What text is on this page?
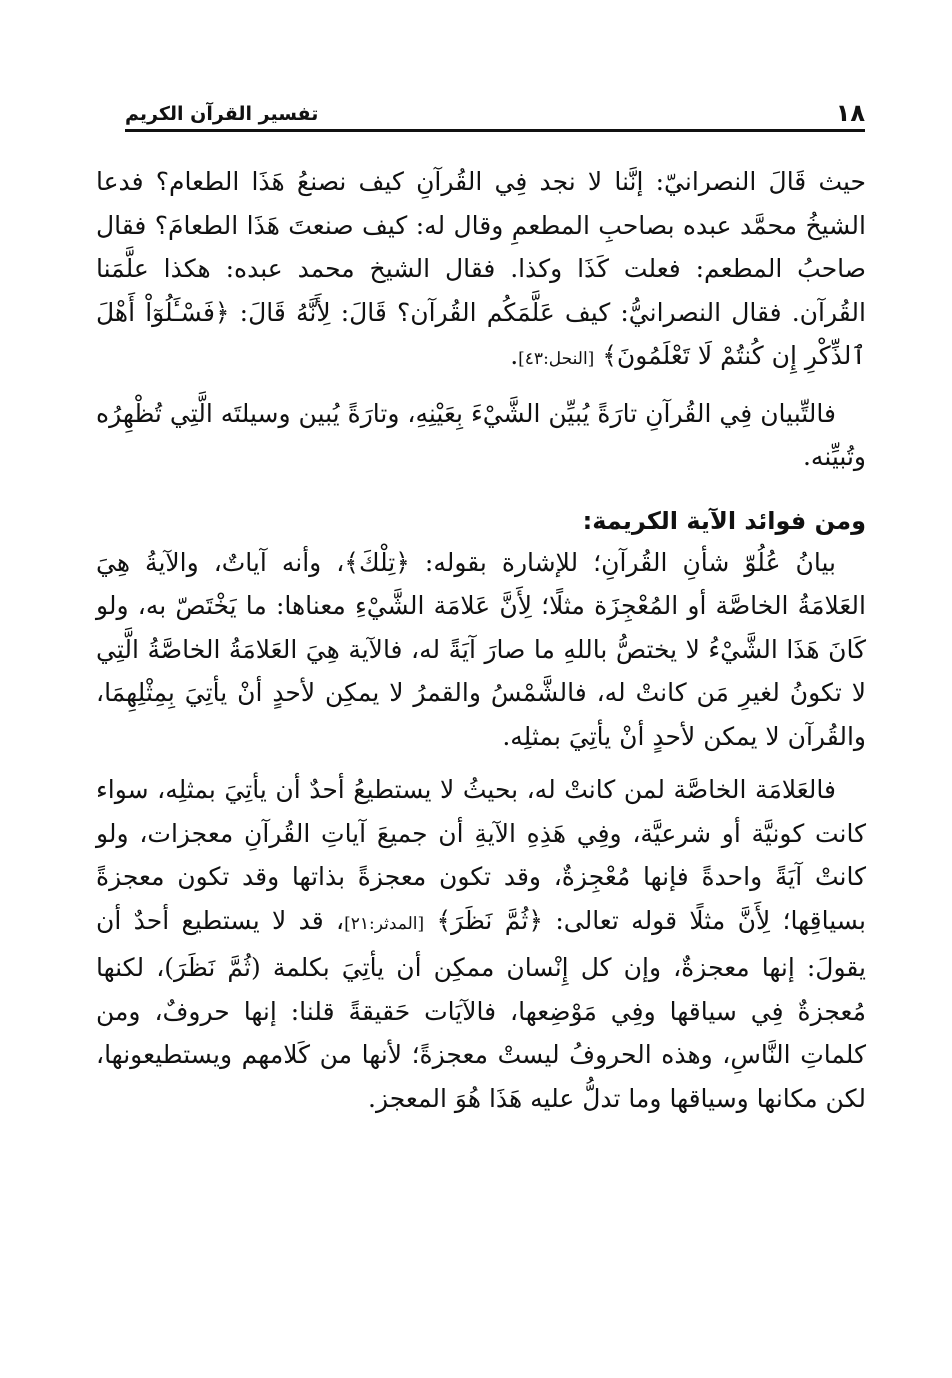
١٨
تفسير القرآن الكريم

حيث قَالَ النصرانيّ: إنَّنا لا نجد فِي القُرآنِ كيف نصنعُ هَذَا الطعام؟ فدعا الشيخُ محمَّد عبده بصاحبِ المطعمِ وقال له: كيف صنعتَ هَذَا الطعامَ؟ فقال صاحبُ المطعم: فعلت كَذَا وكذا. فقال الشيخ محمد عبده: هكذا علَّمَنا القُرآن. فقال النصرانيُّ: كيف عَلَّمَكُم القُرآن؟ قَالَ: لِأَنَّهُ قَالَ: ﴿فَسْـَٔلُوٓاْ أَهْلَ ٱلذِّكْرِ إِن كُنتُمْ لَا تَعْلَمُونَ﴾ [النحل:٤٣].

فالتِّبيان فِي القُرآنِ تارَةً يُبيِّن الشَّيْءَ بِعَيْنِهِ، وتارَةً يُبين وسيلتَه الَّتِي تُظْهِرُه وتُبيِّنه.

ومن فوائد الآية الكريمة:

بيانُ عُلُوّ شأنِ القُرآنِ؛ للإشارة بقوله: ﴿تِلْكَ﴾، وأنه آياتٌ، والآيةُ هِيَ العَلامَةُ الخاصَّة أو المُعْجِزَة مثلًا؛ لِأَنَّ عَلامَة الشَّيْءِ معناها: ما يَخْتَصّ به، ولو كَانَ هَذَا الشَّيْءُ لا يختصُّ باللهِ ما صارَ آيَةً له، فالآية هِيَ العَلامَةُ الخاصَّةُ الَّتِي لا تكونُ لغيرِ مَن كانتْ له، فالشَّمْسُ والقمرُ لا يمكِن لأحدٍ أنْ يأتِيَ بِمِثْلِهِمَا، والقُرآن لا يمكن لأحدٍ أنْ يأتِيَ بمثلِه.

فالعَلامَة الخاصَّة لمن كانتْ له، بحيثُ لا يستطيعُ أحدٌ أن يأتِيَ بمثلِه، سواء كانت كونيَّة أو شرعيَّة، وفِي هَذِهِ الآيةِ أن جميعَ آياتِ القُرآنِ معجزات، ولو كانتْ آيَةً واحدةً فإنها مُعْجِزةٌ، وقد تكون معجزةً بذاتها وقد تكون معجزةً بسياقِها؛ لِأَنَّ مثلًا قوله تعالى: ﴿ثُمَّ نَظَرَ﴾ [المدثر:٢١]، قد لا يستطيع أحدٌ أن يقولَ: إنها معجزةٌ، وإن كل إِنْسان ممكِن أن يأتِيَ بكلمة (ثُمَّ نَظَرَ)، لكنها مُعجزةٌ فِي سياقها وفِي مَوْضِعها، فالآيَات حَقيقةً قلنا: إنها حروفٌ، ومن كلماتِ النَّاسِ، وهذه الحروفُ ليستْ معجزةً؛ لأنها من كَلامهم ويستطيعونها، لكن مكانها وسياقها وما تدلُّ عليه هَذَا هُوَ المعجز.
